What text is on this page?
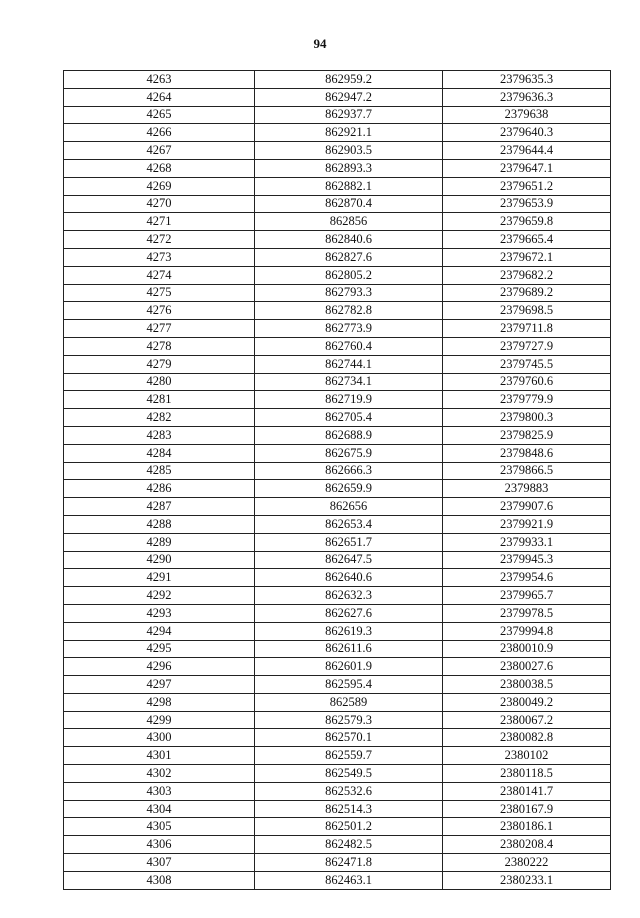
94
4263	862959.2	2379635.3
4264	862947.2	2379636.3
4265	862937.7	2379638
4266	862921.1	2379640.3
4267	862903.5	2379644.4
4268	862893.3	2379647.1
4269	862882.1	2379651.2
4270	862870.4	2379653.9
4271	862856	2379659.8
4272	862840.6	2379665.4
4273	862827.6	2379672.1
4274	862805.2	2379682.2
4275	862793.3	2379689.2
4276	862782.8	2379698.5
4277	862773.9	2379711.8
4278	862760.4	2379727.9
4279	862744.1	2379745.5
4280	862734.1	2379760.6
4281	862719.9	2379779.9
4282	862705.4	2379800.3
4283	862688.9	2379825.9
4284	862675.9	2379848.6
4285	862666.3	2379866.5
4286	862659.9	2379883
4287	862656	2379907.6
4288	862653.4	2379921.9
4289	862651.7	2379933.1
4290	862647.5	2379945.3
4291	862640.6	2379954.6
4292	862632.3	2379965.7
4293	862627.6	2379978.5
4294	862619.3	2379994.8
4295	862611.6	2380010.9
4296	862601.9	2380027.6
4297	862595.4	2380038.5
4298	862589	2380049.2
4299	862579.3	2380067.2
4300	862570.1	2380082.8
4301	862559.7	2380102
4302	862549.5	2380118.5
4303	862532.6	2380141.7
4304	862514.3	2380167.9
4305	862501.2	2380186.1
4306	862482.5	2380208.4
4307	862471.8	2380222
4308	862463.1	2380233.1
